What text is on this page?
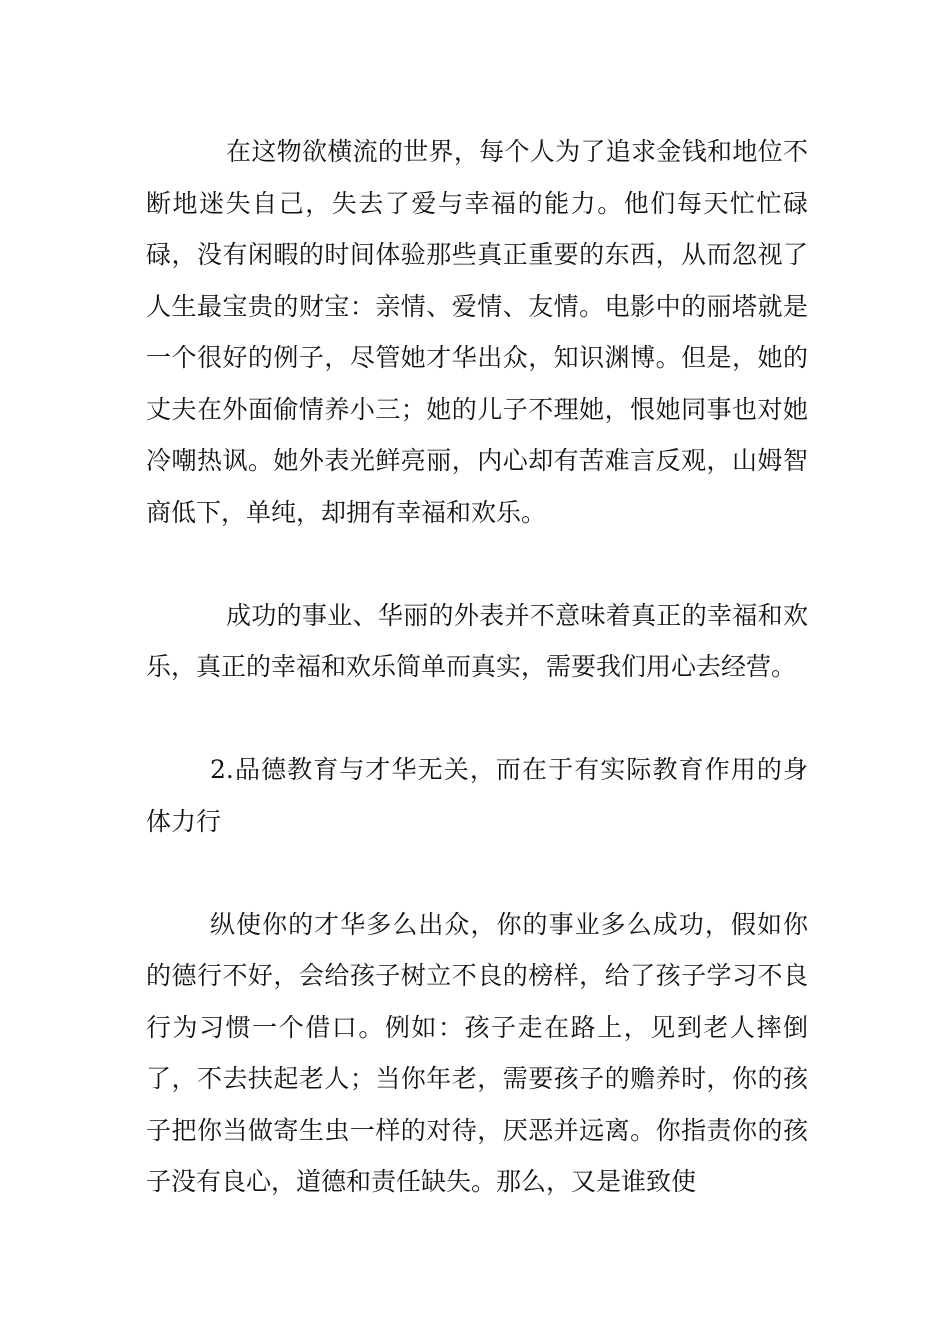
在这物欲横流的世界，每个人为了追求金钱和地位不断地迷失自己，失去了爱与幸福的能力。他们每天忙忙碌碌，没有闲暇的时间体验那些真正重要的东西，从而忽视了人生最宝贵的财宝：亲情、爱情、友情。电影中的丽塔就是一个很好的例子，尽管她才华出众，知识渊博。但是，她的丈夫在外面偷情养小三；她的儿子不理她，恨她同事也对她冷嘲热讽。她外表光鲜亮丽，内心却有苦难言反观，山姆智商低下，单纯，却拥有幸福和欢乐。

成功的事业、华丽的外表并不意味着真正的幸福和欢乐，真正的幸福和欢乐简单而真实，需要我们用心去经营。

2.品德教育与才华无关，而在于有实际教育作用的身体力行

纵使你的才华多么出众，你的事业多么成功，假如你的德行不好，会给孩子树立不良的榜样，给了孩子学习不良行为习惯一个借口。例如：孩子走在路上，见到老人摔倒了，不去扶起老人；当你年老，需要孩子的赡养时，你的孩子把你当做寄生虫一样的对待，厌恶并远离。你指责你的孩子没有良心，道德和责任缺失。那么，又是谁致使
